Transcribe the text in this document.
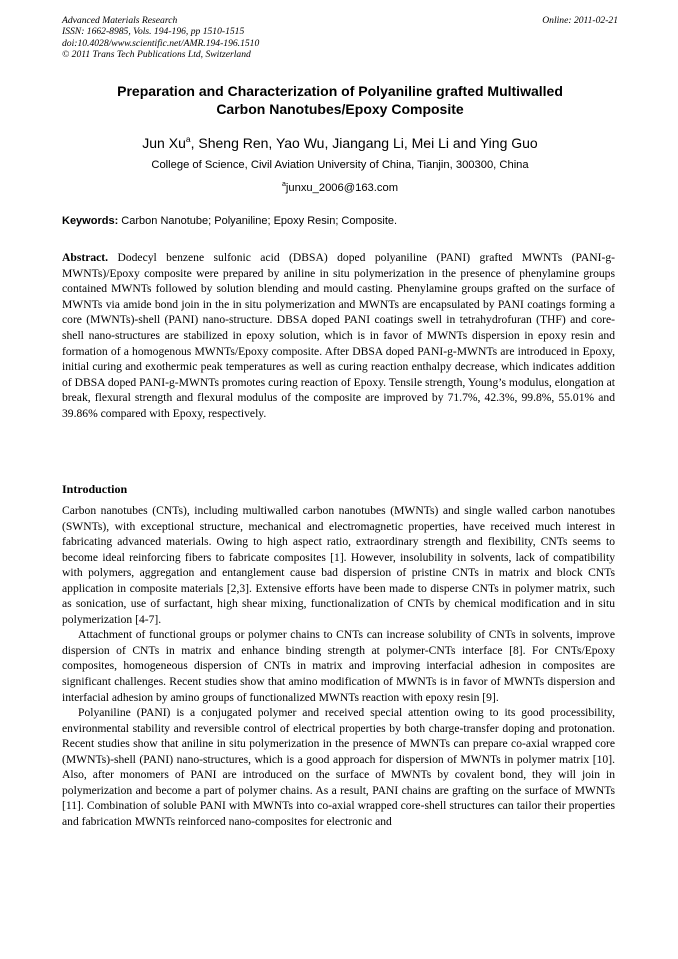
Advanced Materials Research
ISSN: 1662-8985, Vols. 194-196, pp 1510-1515
doi:10.4028/www.scientific.net/AMR.194-196.1510
© 2011 Trans Tech Publications Ltd, Switzerland
Online: 2011-02-21
Preparation and Characterization of Polyaniline grafted Multiwalled
Carbon Nanotubes/Epoxy Composite
Jun Xu$^a$, Sheng Ren, Yao Wu, Jiangang Li, Mei Li and Ying Guo
College of Science, Civil Aviation University of China, Tianjin, 300300, China
$^a$junxu_2006@163.com
Keywords: Carbon Nanotube; Polyaniline; Epoxy Resin; Composite.

Abstract. Dodecyl benzene sulfonic acid (DBSA) doped polyaniline (PANI) grafted MWNTs (PANI-g-MWNTs)/Epoxy composite were prepared by aniline in situ polymerization in the presence of phenylamine groups contained MWNTs followed by solution blending and mould casting. Phenylamine groups grafted on the surface of MWNTs via amide bond join in the in situ polymerization and MWNTs are encapsulated by PANI coatings forming a core (MWNTs)-shell (PANI) nano-structure. DBSA doped PANI coatings swell in tetrahydrofuran (THF) and core-shell nano-structures are stabilized in epoxy solution, which is in favor of MWNTs dispersion in epoxy resin and formation of a homogenous MWNTs/Epoxy composite. After DBSA doped PANI-g-MWNTs are introduced in Epoxy, initial curing and exothermic peak temperatures as well as curing reaction enthalpy decrease, which indicates addition of DBSA doped PANI-g-MWNTs promotes curing reaction of Epoxy. Tensile strength, Young’s modulus, elongation at break, flexural strength and flexural modulus of the composite are improved by 71.7%, 42.3%, 99.8%, 55.01% and 39.86% compared with Epoxy, respectively.

Introduction

Carbon nanotubes (CNTs), including multiwalled carbon nanotubes (MWNTs) and single walled carbon nanotubes (SWNTs), with exceptional structure, mechanical and electromagnetic properties, have received much interest in fabricating advanced materials. Owing to high aspect ratio, extraordinary strength and flexibility, CNTs seems to become ideal reinforcing fibers to fabricate composites [1]. However, insolubility in solvents, lack of compatibility with polymers, aggregation and entanglement cause bad dispersion of pristine CNTs in matrix and block CNTs application in composite materials [2,3]. Extensive efforts have been made to disperse CNTs in polymer matrix, such as sonication, use of surfactant, high shear mixing, functionalization of CNTs by chemical modification and in situ polymerization [4-7].

Attachment of functional groups or polymer chains to CNTs can increase solubility of CNTs in solvents, improve dispersion of CNTs in matrix and enhance binding strength at polymer-CNTs interface [8]. For CNTs/Epoxy composites, homogeneous dispersion of CNTs in matrix and improving interfacial adhesion in composites are significant challenges. Recent studies show that amino modification of MWNTs is in favor of MWNTs dispersion and interfacial adhesion by amino groups of functionalized MWNTs reaction with epoxy resin [9].

Polyaniline (PANI) is a conjugated polymer and received special attention owing to its good processibility, environmental stability and reversible control of electrical properties by both charge-transfer doping and protonation. Recent studies show that aniline in situ polymerization in the presence of MWNTs can prepare co-axial wrapped core (MWNTs)-shell (PANI) nano-structures, which is a good approach for dispersion of MWNTs in polymer matrix [10]. Also, after monomers of PANI are introduced on the surface of MWNTs by covalent bond, they will join in polymerization and become a part of polymer chains. As a result, PANI chains are grafting on the surface of MWNTs [11]. Combination of soluble PANI with MWNTs into co-axial wrapped core-shell structures can tailor their properties and fabrication MWNTs reinforced nano-composites for electronic and
